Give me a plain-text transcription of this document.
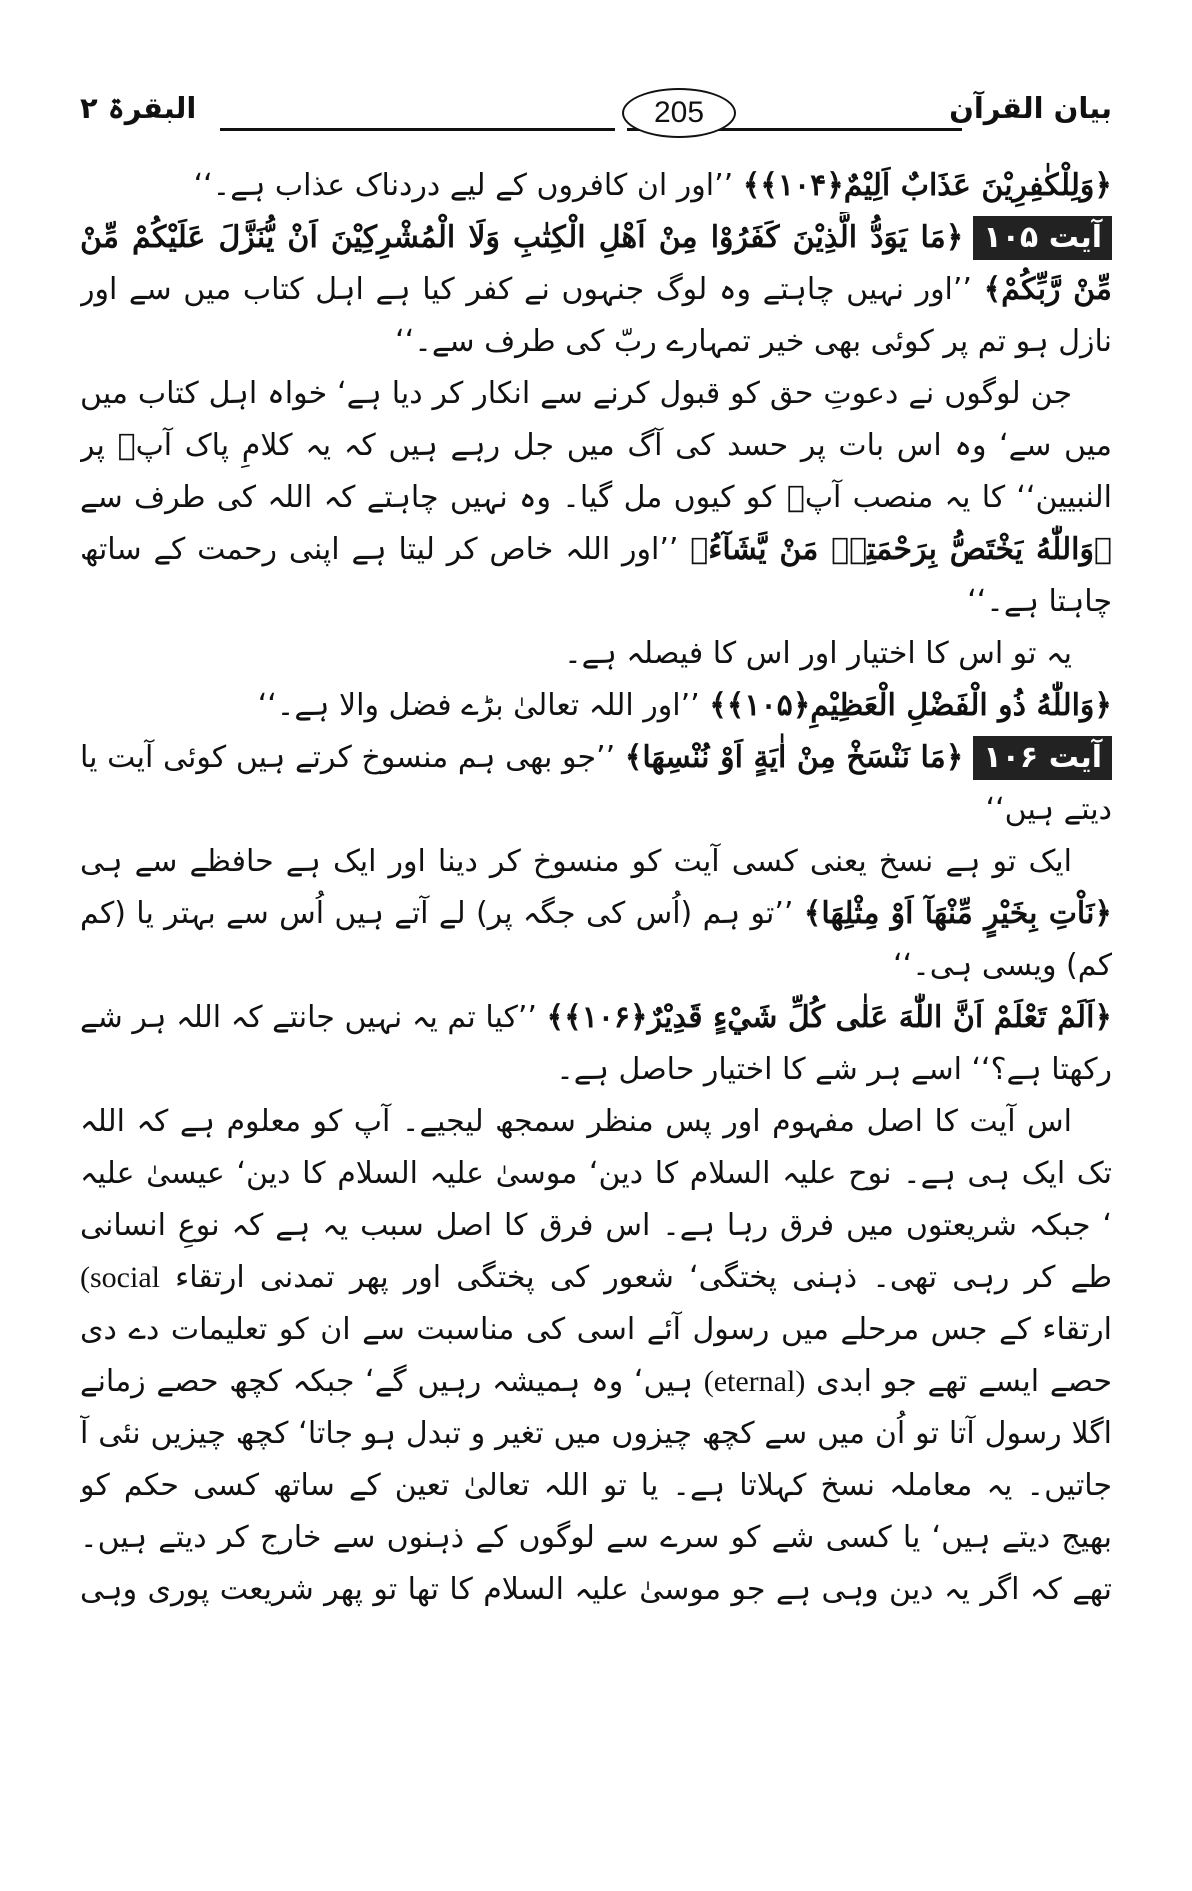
بیان القرآن
205
البقرۃ ۲
﴿وَلِلْكٰفِرِيْنَ عَذَابٌ اَلِيْمٌ﴿۱۰۴﴾﴾ ’’اور ان کافروں کے لیے دردناک عذاب ہے۔‘‘
آیت ۱۰۵﴿مَا يَوَدُّ الَّذِيْنَ كَفَرُوْا مِنْ اَهْلِ الْكِتٰبِ وَلَا الْمُشْرِكِيْنَ اَنْ يُّنَزَّلَ عَلَيْكُمْ مِّنْ
مِّنْ رَّبِّكُمْ﴾ ’’اور نہیں چاہتے وہ لوگ جنہوں نے کفر کیا ہے اہل کتاب میں سے اور
نازل ہو تم پر کوئی بھی خیر تمہارے ربّ کی طرف سے۔‘‘
جن لوگوں نے دعوتِ حق کو قبول کرنے سے انکار کر دیا ہے‘ خواہ اہل کتاب میں
میں سے‘ وہ اس بات پر حسد کی آگ میں جل رہے ہیں کہ یہ کلامِ پاک آپؐ پر
النبیین‘‘ کا یہ منصب آپؐ کو کیوں مل گیا۔ وہ نہیں چاہتے کہ اللہ کی طرف سے
﴿وَاللّٰهُ يَخْتَصُّ بِرَحْمَتِهٖ مَنْ يَّشَآءُ﴾ ’’اور اللہ خاص کر لیتا ہے اپنی رحمت کے ساتھ
چاہتا ہے۔‘‘
یہ تو اس کا اختیار اور اس کا فیصلہ ہے۔
﴿وَاللّٰهُ ذُو الْفَضْلِ الْعَظِيْمِ﴿۱۰۵﴾﴾ ’’اور اللہ تعالیٰ بڑے فضل والا ہے۔‘‘
آیت ۱۰۶﴿مَا نَنْسَخْ مِنْ اٰيَةٍ اَوْ نُنْسِهَا﴾ ’’جو بھی ہم منسوخ کرتے ہیں کوئی آیت یا
دیتے ہیں‘‘
ایک تو ہے نسخ یعنی کسی آیت کو منسوخ کر دینا اور ایک ہے حافظے سے ہی
﴿نَاْتِ بِخَيْرٍ مِّنْهَآ اَوْ مِثْلِهَا﴾ ’’تو ہم (اُس کی جگہ پر) لے آتے ہیں اُس سے بہتر یا (کم
کم) ویسی ہی۔‘‘
﴿اَلَمْ تَعْلَمْ اَنَّ اللّٰهَ عَلٰى كُلِّ شَيْءٍ قَدِيْرٌ﴿۱۰۶﴾﴾ ’’کیا تم یہ نہیں جانتے کہ اللہ ہر شے
رکھتا ہے؟‘‘ اسے ہر شے کا اختیار حاصل ہے۔
اس آیت کا اصل مفہوم اور پس منظر سمجھ لیجیے۔ آپ کو معلوم ہے کہ اللہ
تک ایک ہی ہے۔ نوح علیہ السلام کا دین‘ موسیٰ علیہ السلام کا دین‘ عیسیٰ علیہ
‘ جبکہ شریعتوں میں فرق رہا ہے۔ اس فرق کا اصل سبب یہ ہے کہ نوعِ انسانی
طے کر رہی تھی۔ ذہنی پختگی‘ شعور کی پختگی اور پھر تمدنی ارتقاء (social
ارتقاء کے جس مرحلے میں رسول آئے اسی کی مناسبت سے ان کو تعلیمات دے دی
حصے ایسے تھے جو ابدی (eternal) ہیں‘ وہ ہمیشہ رہیں گے‘ جبکہ کچھ حصے زمانے
اگلا رسول آتا تو اُن میں سے کچھ چیزوں میں تغیر و تبدل ہو جاتا‘ کچھ چیزیں نئی آ
جاتیں۔ یہ معاملہ نسخ کہلاتا ہے۔ یا تو اللہ تعالیٰ تعین کے ساتھ کسی حکم کو
بھیج دیتے ہیں‘ یا کسی شے کو سرے سے لوگوں کے ذہنوں سے خارج کر دیتے ہیں۔
تھے کہ اگر یہ دین وہی ہے جو موسیٰ علیہ السلام کا تھا تو پھر شریعت پوری وہی
